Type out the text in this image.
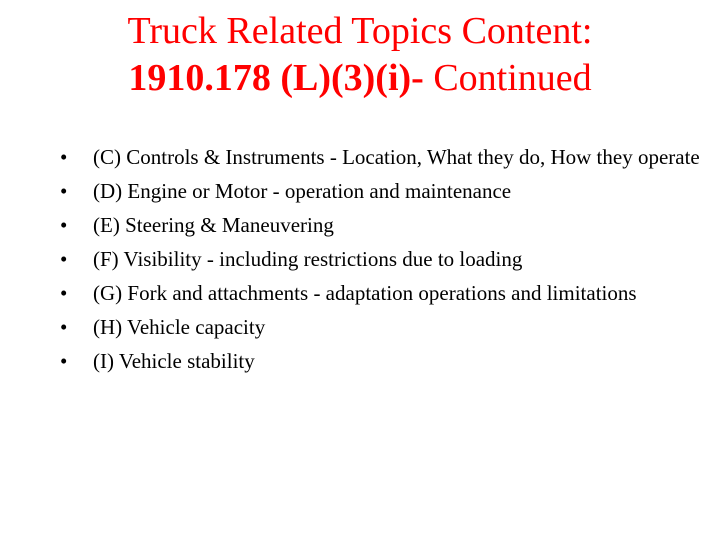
Truck Related Topics Content:
1910.178 (L)(3)(i)- Continued
• (C) Controls & Instruments - Location, What they do, How they operate
• (D) Engine or Motor - operation and maintenance
• (E) Steering & Maneuvering
• (F) Visibility - including restrictions due to loading
• (G) Fork and attachments - adaptation operations and limitations
• (H) Vehicle capacity
• (I) Vehicle stability
